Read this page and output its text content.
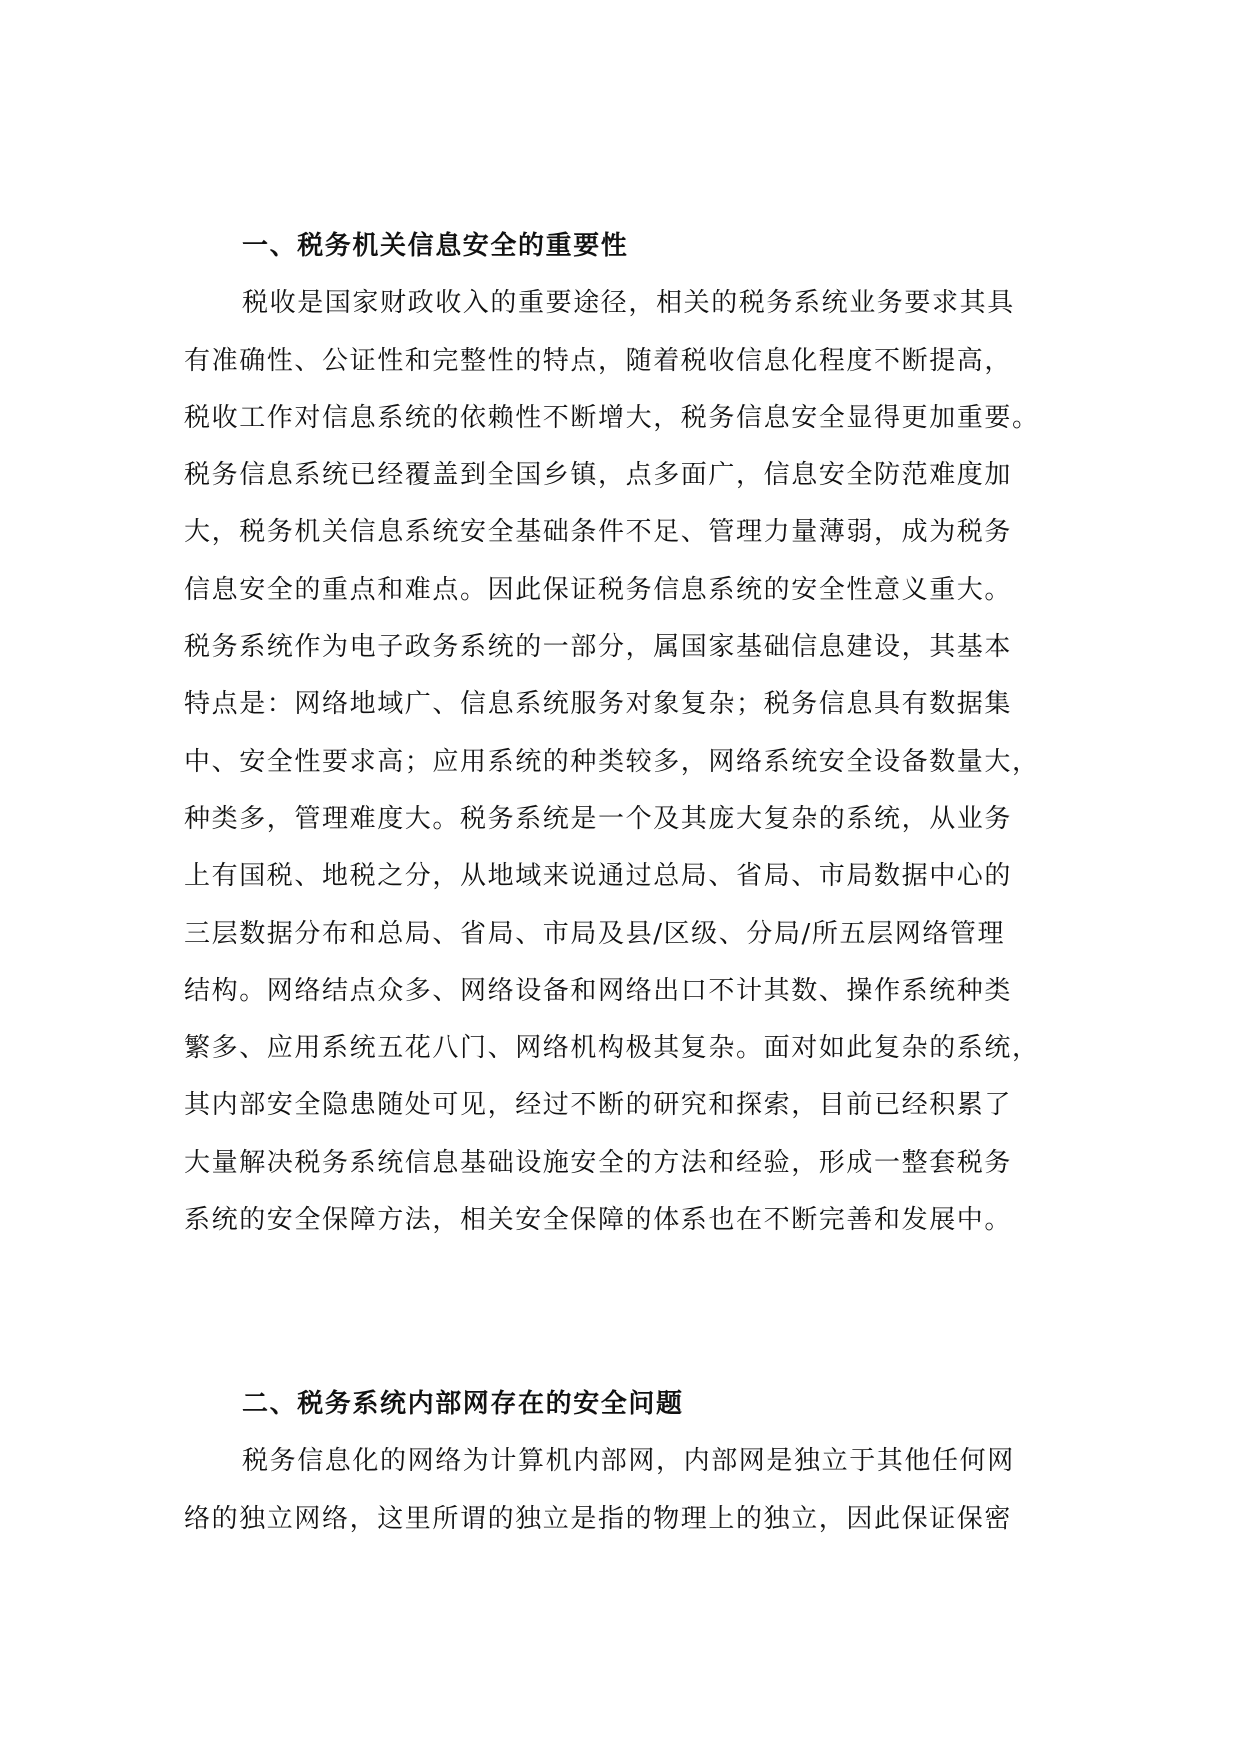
一、税务机关信息安全的重要性
税收是国家财政收入的重要途径，相关的税务系统业务要求其具
有准确性、公证性和完整性的特点，随着税收信息化程度不断提高，
税收工作对信息系统的依赖性不断增大，税务信息安全显得更加重要。
税务信息系统已经覆盖到全国乡镇，点多面广，信息安全防范难度加
大，税务机关信息系统安全基础条件不足、管理力量薄弱，成为税务
信息安全的重点和难点。因此保证税务信息系统的安全性意义重大。
税务系统作为电子政务系统的一部分，属国家基础信息建设，其基本
特点是：网络地域广、信息系统服务对象复杂；税务信息具有数据集
中、安全性要求高；应用系统的种类较多，网络系统安全设备数量大，
种类多，管理难度大。税务系统是一个及其庞大复杂的系统，从业务
上有国税、地税之分，从地域来说通过总局、省局、市局数据中心的
三层数据分布和总局、省局、市局及县/区级、分局/所五层网络管理
结构。网络结点众多、网络设备和网络出口不计其数、操作系统种类
繁多、应用系统五花八门、网络机构极其复杂。面对如此复杂的系统，
其内部安全隐患随处可见，经过不断的研究和探索，目前已经积累了
大量解决税务系统信息基础设施安全的方法和经验，形成一整套税务
系统的安全保障方法，相关安全保障的体系也在不断完善和发展中。
二、税务系统内部网存在的安全问题
税务信息化的网络为计算机内部网，内部网是独立于其他任何网
络的独立网络，这里所谓的独立是指的物理上的独立，因此保证保密
